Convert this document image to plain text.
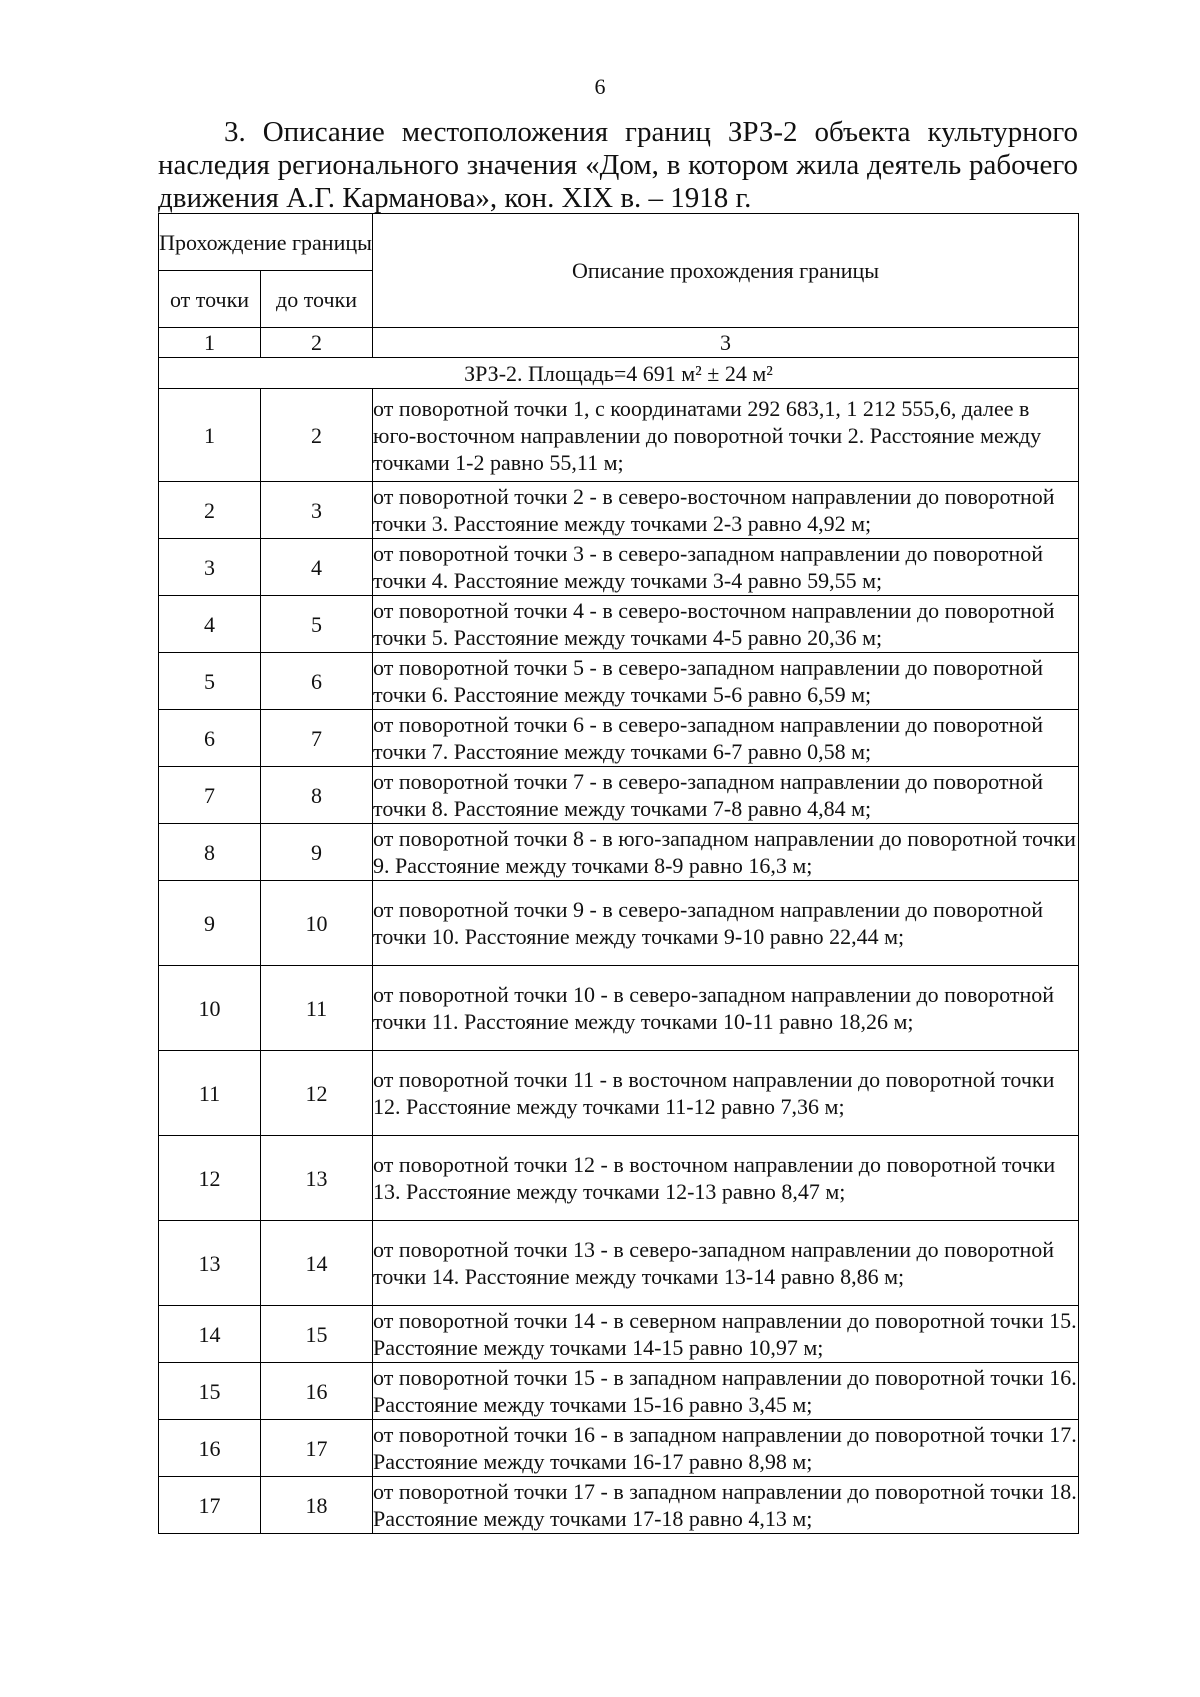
6
3. Описание местоположения границ ЗРЗ-2 объекта культурного наследия регионального значения «Дом, в котором жила деятель рабочего движения А.Г. Карманова», кон. XIX в. – 1918 г.
Прохождение границы		Описание прохождения границы
от точки	до точки	
1	2	3
ЗРЗ-2. Площадь=4 691 м² ± 24 м²		
1	2	от поворотной точки 1, с координатами 292 683,1, 1 212 555,6, далее в юго-восточном направлении до поворотной точки 2. Расстояние между точками 1-2 равно 55,11 м;
2	3	от поворотной точки 2 - в северо-восточном направлении до поворотной точки 3. Расстояние между точками 2-3 равно 4,92 м;
3	4	от поворотной точки 3 - в северо-западном направлении до поворотной точки 4. Расстояние между точками 3-4 равно 59,55 м;
4	5	от поворотной точки 4 - в северо-восточном направлении до поворотной точки 5. Расстояние между точками 4-5 равно 20,36 м;
5	6	от поворотной точки 5 - в северо-западном направлении до поворотной точки 6. Расстояние между точками 5-6 равно 6,59 м;
6	7	от поворотной точки 6 - в северо-западном направлении до поворотной точки 7. Расстояние между точками 6-7 равно 0,58 м;
7	8	от поворотной точки 7 - в северо-западном направлении до поворотной точки 8. Расстояние между точками 7-8 равно 4,84 м;
8	9	от поворотной точки 8 - в юго-западном направлении до поворотной точки 9. Расстояние между точками 8-9 равно 16,3 м;
9	10	от поворотной точки 9 - в северо-западном направлении до поворотной точки 10. Расстояние между точками 9-10 равно 22,44 м;
10	11	от поворотной точки 10 - в северо-западном направлении до поворотной точки 11. Расстояние между точками 10-11 равно 18,26 м;
11	12	от поворотной точки 11 - в восточном направлении до поворотной точки 12. Расстояние между точками 11-12 равно 7,36 м;
12	13	от поворотной точки 12 - в восточном направлении до поворотной точки 13. Расстояние между точками 12-13 равно 8,47 м;
13	14	от поворотной точки 13 - в северо-западном направлении до поворотной точки 14. Расстояние между точками 13-14 равно 8,86 м;
14	15	от поворотной точки 14 - в северном направлении до поворотной точки 15. Расстояние между точками 14-15 равно 10,97 м;
15	16	от поворотной точки 15 - в западном направлении до поворотной точки 16. Расстояние между точками 15-16 равно 3,45 м;
16	17	от поворотной точки 16 - в западном направлении до поворотной точки 17. Расстояние между точками 16-17 равно 8,98 м;
17	18	от поворотной точки 17 - в западном направлении до поворотной точки 18. Расстояние между точками 17-18 равно 4,13 м;
